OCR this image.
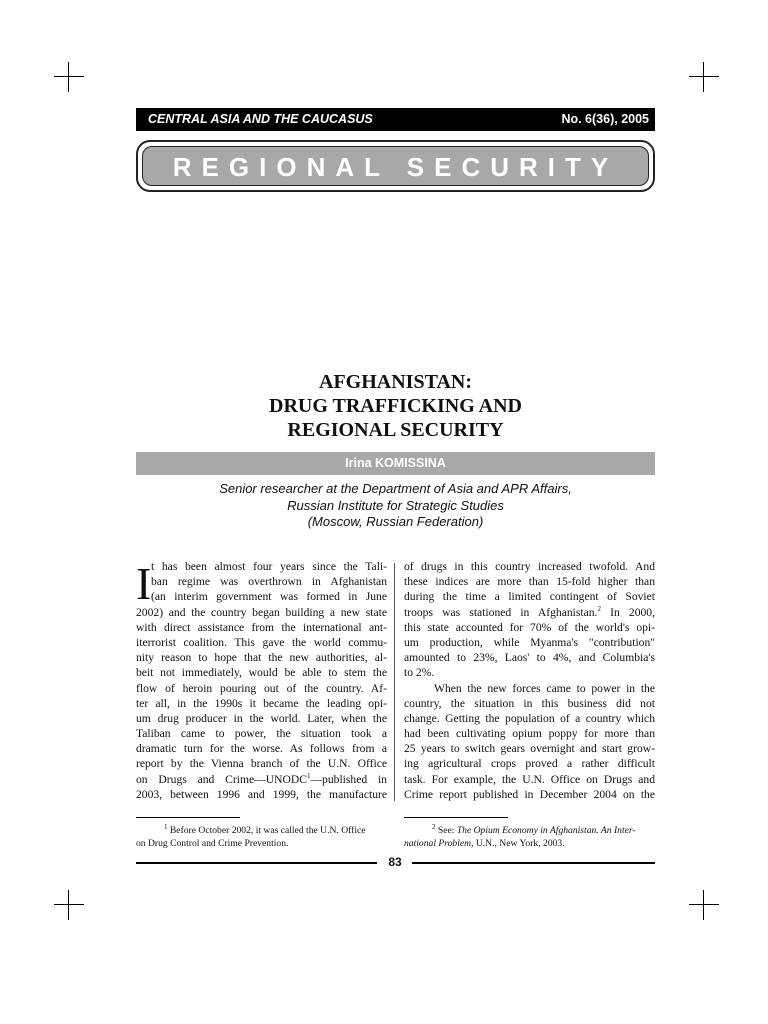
CENTRAL ASIA AND THE CAUCASUS	No. 6(36), 2005
REGIONAL SECURITY
AFGHANISTAN:
DRUG TRAFFICKING AND
REGIONAL SECURITY
Irina KOMISSINA
Senior researcher at the Department of Asia and APR Affairs,
Russian Institute for Strategic Studies
(Moscow, Russian Federation)
I t has been almost four years since the Tali-
ban regime was overthrown in Afghanistan
(an interim government was formed in June
2002) and the country began building a new state
with direct assistance from the international ant-
iterrorist coalition. This gave the world commu-
nity reason to hope that the new authorities, al-
beit not immediately, would be able to stem the
flow of heroin pouring out of the country. Af-
ter all, in the 1990s it became the leading opi-
um drug producer in the world. Later, when the
Taliban came to power, the situation took a
dramatic turn for the worse. As follows from a
report by the Vienna branch of the U.N. Office
on Drugs and Crime—UNODC$^1$—published in
2003, between 1996 and 1999, the manufacture
of drugs in this country increased twofold. And
these indices are more than 15-fold higher than
during the time a limited contingent of Soviet
troops was stationed in Afghanistan.$^2$ In 2000,
this state accounted for 70% of the world's opi-
um production, while Myanma's "contribution"
amounted to 23%, Laos' to 4%, and Columbia's
to 2%.
When the new forces came to power in the
country, the situation in this business did not
change. Getting the population of a country which
had been cultivating opium poppy for more than
25 years to switch gears overnight and start grow-
ing agricultural crops proved a rather difficult
task. For example, the U.N. Office on Drugs and
Crime report published in December 2004 on the
$^1$ Before October 2002, it was called the U.N. Office
on Drug Control and Crime Prevention.
$^2$ See: The Opium Economy in Afghanistan. An Inter-
national Problem, U.N., New York, 2003.
83
